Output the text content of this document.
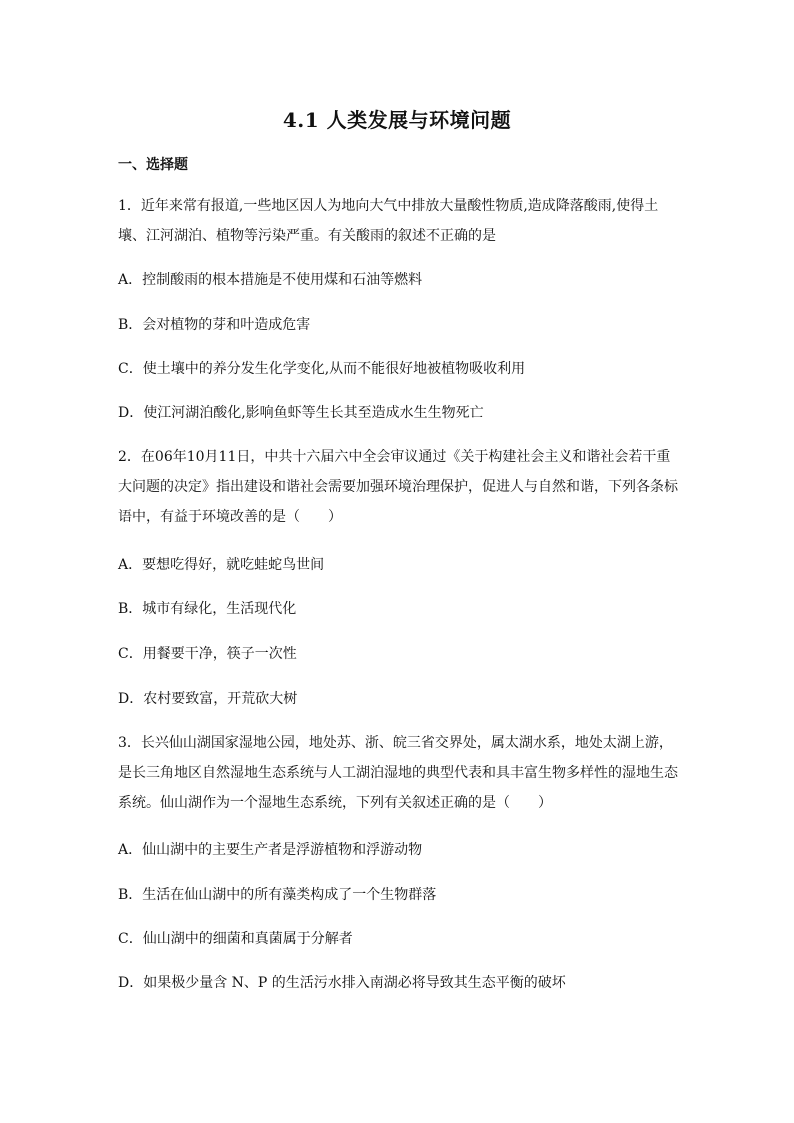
4.1 人类发展与环境问题
一、选择题
1．近年来常有报道,一些地区因人为地向大气中排放大量酸性物质,造成降落酸雨,使得土壤、江河湖泊、植物等污染严重。有关酸雨的叙述不正确的是
A．控制酸雨的根本措施是不使用煤和石油等燃料
B．会对植物的芽和叶造成危害
C．使土壤中的养分发生化学变化,从而不能很好地被植物吸收利用
D．使江河湖泊酸化,影响鱼虾等生长其至造成水生生物死亡
2．在06年10月11日，中共十六届六中全会审议通过《关于构建社会主义和谐社会若干重大问题的决定》指出建设和谐社会需要加强环境治理保护，促进人与自然和谐，下列各条标语中，有益于环境改善的是（　　）
A．要想吃得好，就吃蛙蛇鸟世间
B．城市有绿化，生活现代化
C．用餐要干净，筷子一次性
D．农村要致富，开荒砍大树
3．长兴仙山湖国家湿地公园，地处苏、浙、皖三省交界处，属太湖水系，地处太湖上游，是长三角地区自然湿地生态系统与人工湖泊湿地的典型代表和具丰富生物多样性的湿地生态系统。仙山湖作为一个湿地生态系统，下列有关叙述正确的是（　　）
A．仙山湖中的主要生产者是浮游植物和浮游动物
B．生活在仙山湖中的所有藻类构成了一个生物群落
C．仙山湖中的细菌和真菌属于分解者
D．如果极少量含 N、P 的生活污水排入南湖必将导致其生态平衡的破坏
